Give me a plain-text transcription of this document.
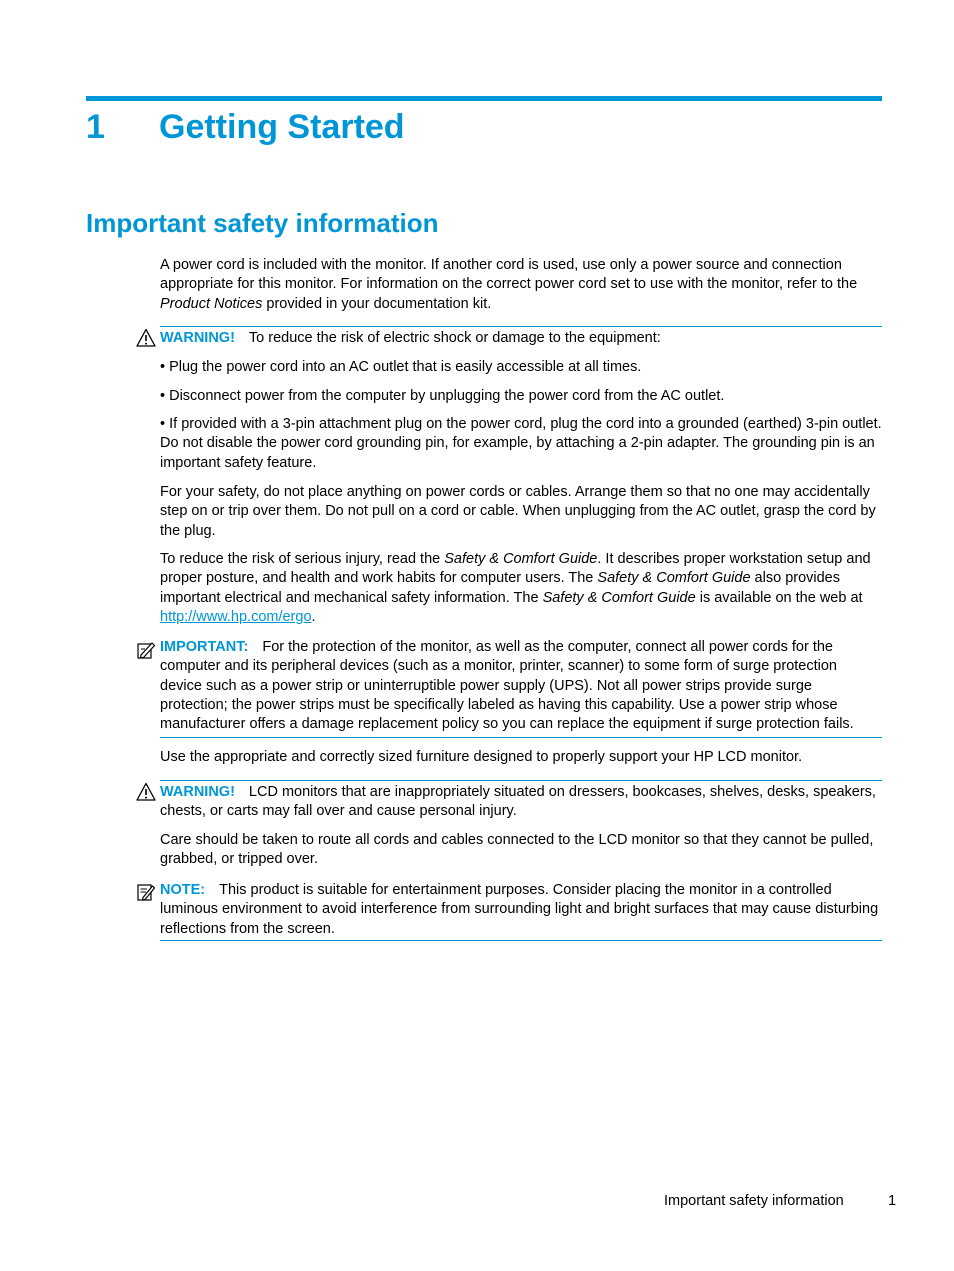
1 Getting Started
Important safety information
A power cord is included with the monitor. If another cord is used, use only a power source and connection appropriate for this monitor. For information on the correct power cord set to use with the monitor, refer to the Product Notices provided in your documentation kit.
WARNING! To reduce the risk of electric shock or damage to the equipment:
• Plug the power cord into an AC outlet that is easily accessible at all times.
• Disconnect power from the computer by unplugging the power cord from the AC outlet.
• If provided with a 3-pin attachment plug on the power cord, plug the cord into a grounded (earthed) 3-pin outlet. Do not disable the power cord grounding pin, for example, by attaching a 2-pin adapter. The grounding pin is an important safety feature.
For your safety, do not place anything on power cords or cables. Arrange them so that no one may accidentally step on or trip over them. Do not pull on a cord or cable. When unplugging from the AC outlet, grasp the cord by the plug.
To reduce the risk of serious injury, read the Safety & Comfort Guide. It describes proper workstation setup and proper posture, and health and work habits for computer users. The Safety & Comfort Guide also provides important electrical and mechanical safety information. The Safety & Comfort Guide is available on the web at http://www.hp.com/ergo.
IMPORTANT: For the protection of the monitor, as well as the computer, connect all power cords for the computer and its peripheral devices (such as a monitor, printer, scanner) to some form of surge protection device such as a power strip or uninterruptible power supply (UPS). Not all power strips provide surge protection; the power strips must be specifically labeled as having this capability. Use a power strip whose manufacturer offers a damage replacement policy so you can replace the equipment if surge protection fails.
Use the appropriate and correctly sized furniture designed to properly support your HP LCD monitor.
WARNING! LCD monitors that are inappropriately situated on dressers, bookcases, shelves, desks, speakers, chests, or carts may fall over and cause personal injury.
Care should be taken to route all cords and cables connected to the LCD monitor so that they cannot be pulled, grabbed, or tripped over.
NOTE: This product is suitable for entertainment purposes. Consider placing the monitor in a controlled luminous environment to avoid interference from surrounding light and bright surfaces that may cause disturbing reflections from the screen.
Important safety information	1
